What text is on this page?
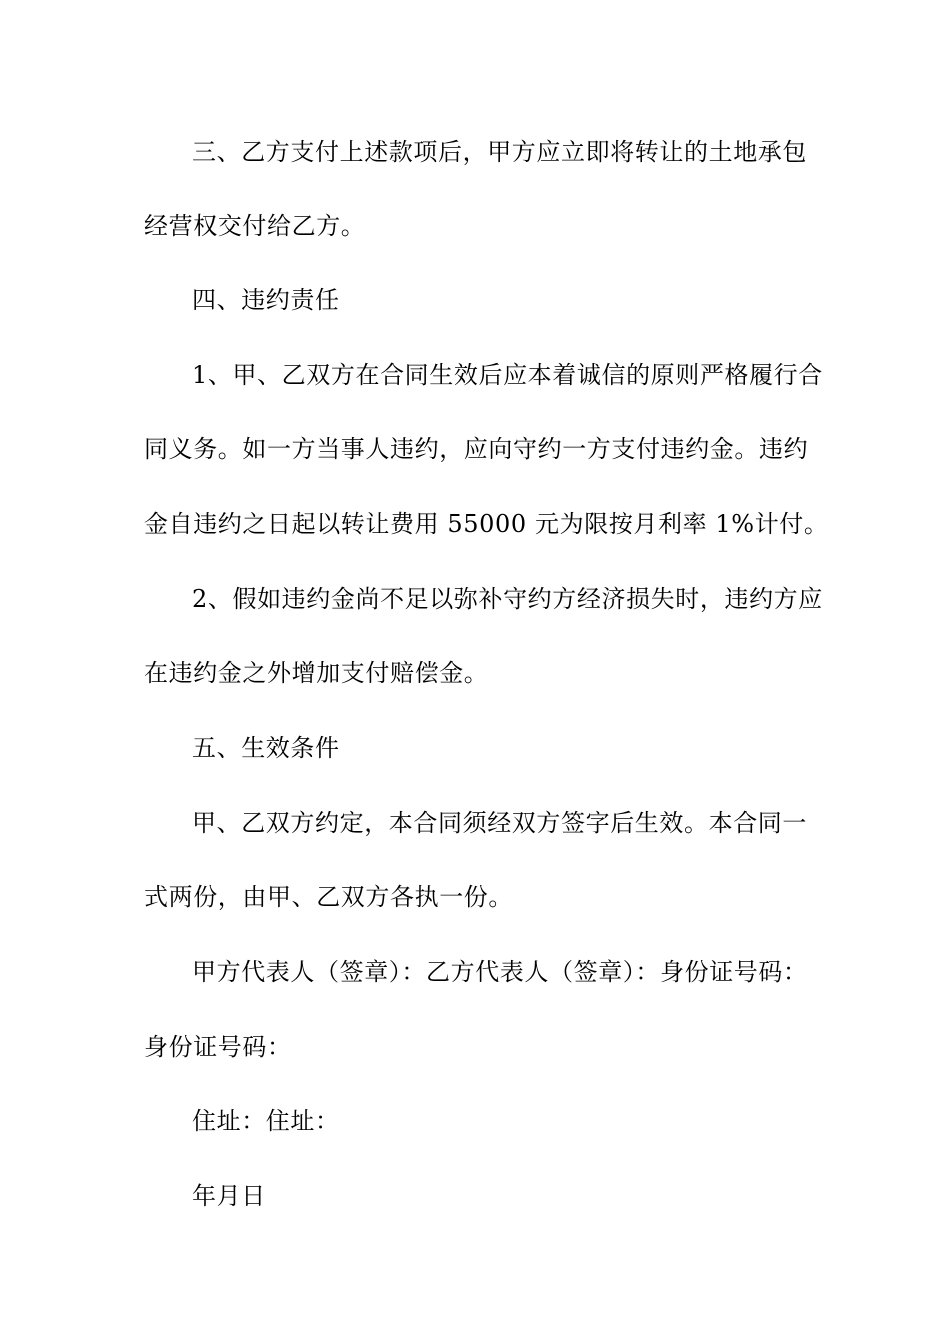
三、乙方支付上述款项后，甲方应立即将转让的土地承包
经营权交付给乙方。
四、违约责任
1、甲、乙双方在合同生效后应本着诚信的原则严格履行合
同义务。如一方当事人违约，应向守约一方支付违约金。违约
金自违约之日起以转让费用 55000 元为限按月利率 1%计付。
2、假如违约金尚不足以弥补守约方经济损失时，违约方应
在违约金之外增加支付赔偿金。
五、生效条件
甲、乙双方约定，本合同须经双方签字后生效。本合同一
式两份，由甲、乙双方各执一份。
甲方代表人（签章）：乙方代表人（签章）：身份证号码：
身份证号码：
住址：住址：
年月日
